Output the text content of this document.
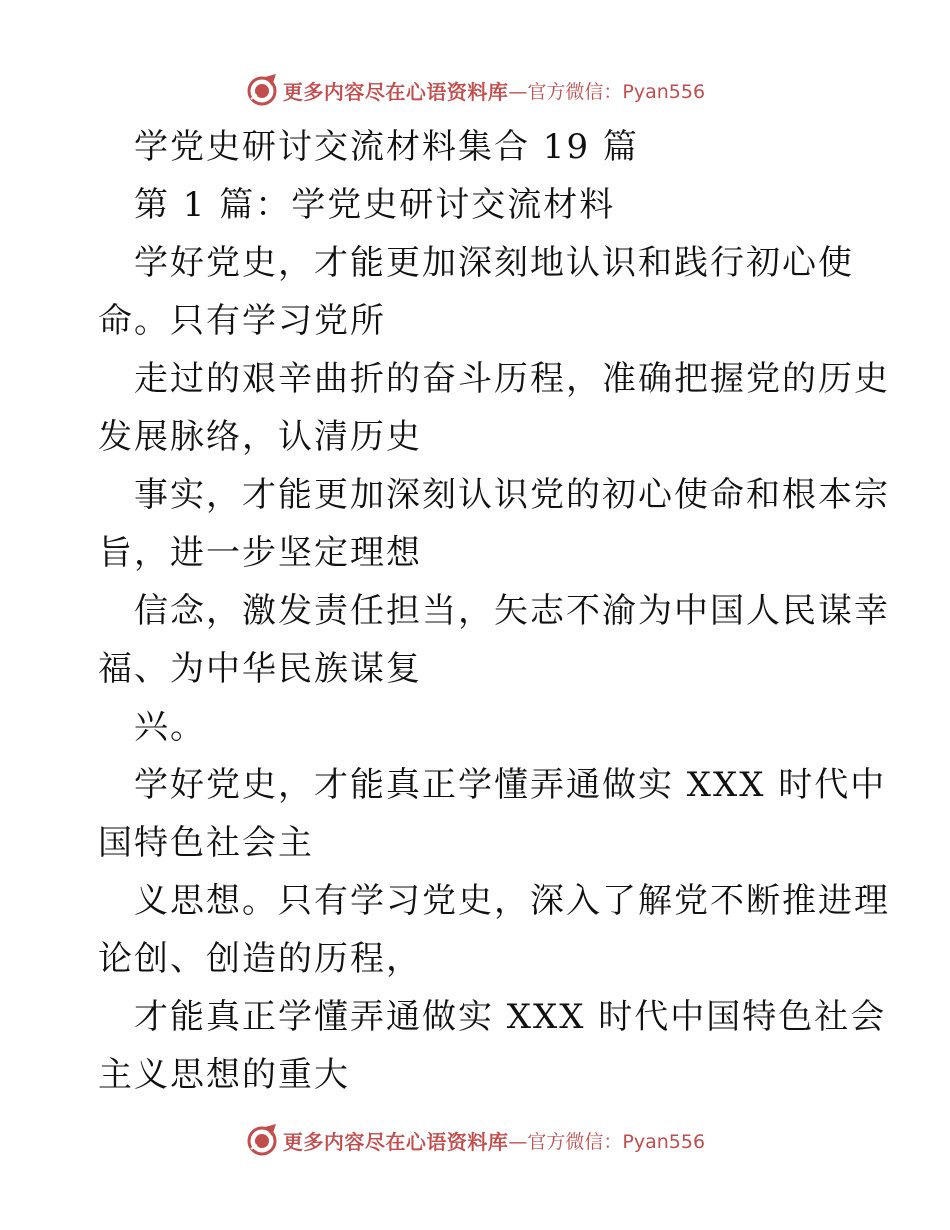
更多内容尽在心语资料库 —官方微信：Pyan556
学党史研讨交流材料集合 19 篇
第 1 篇：学党史研讨交流材料
学好党史，才能更加深刻地认识和践行初心使
命。只有学习党所
走过的艰辛曲折的奋斗历程，准确把握党的历史
发展脉络，认清历史
事实，才能更加深刻认识党的初心使命和根本宗
旨，进一步坚定理想
信念，激发责任担当，矢志不渝为中国人民谋幸
福、为中华民族谋复
兴。
学好党史，才能真正学懂弄通做实 XXX 时代中
国特色社会主
义思想。只有学习党史，深入了解党不断推进理
论创、创造的历程，
才能真正学懂弄通做实 XXX 时代中国特色社会
主义思想的重大
更多内容尽在心语资料库 —官方微信：Pyan556
